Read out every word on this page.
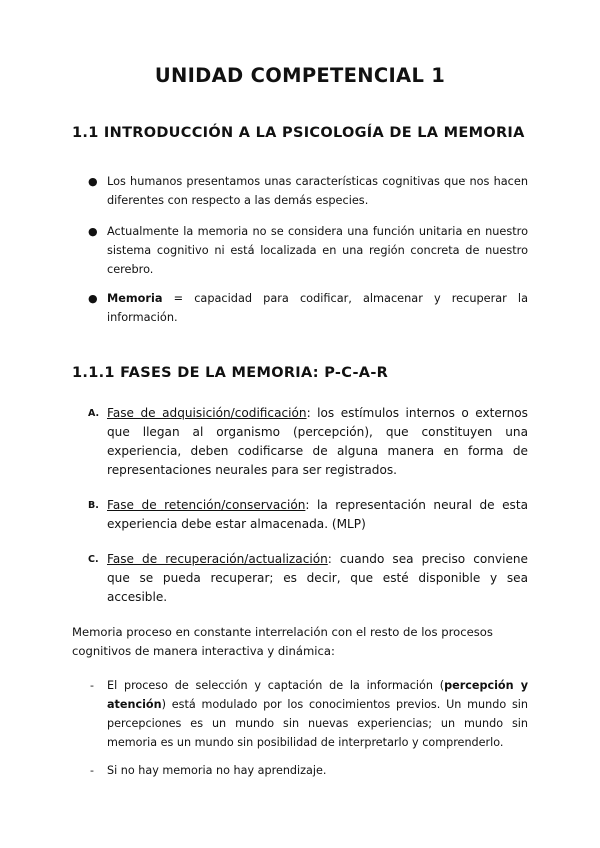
UNIDAD COMPETENCIAL 1
1.1 INTRODUCCIÓN A LA PSICOLOGÍA DE LA MEMORIA
● Los humanos presentamos unas características cognitivas que nos hacen diferentes con respecto a las demás especies.

● Actualmente la memoria no se considera una función unitaria en nuestro sistema cognitivo ni está localizada en una región concreta de nuestro cerebro.

● Memoria = capacidad para codificar, almacenar y recuperar la información.

1.1.1 FASES DE LA MEMORIA: P-C-A-R
A. Fase de adquisición/codificación: los estímulos internos o externos que llegan al organismo (percepción), que constituyen una experiencia, deben codificarse de alguna manera en forma de representaciones neurales para ser registrados.

B. Fase de retención/conservación: la representación neural de esta experiencia debe estar almacenada. (MLP)

C. Fase de recuperación/actualización: cuando sea preciso conviene que se pueda recuperar; es decir, que esté disponible y sea accesible.

Memoria proceso en constante interrelación con el resto de los procesos cognitivos de manera interactiva y dinámica:

- El proceso de selección y captación de la información (percepción y atención) está modulado por los conocimientos previos. Un mundo sin percepciones es un mundo sin nuevas experiencias; un mundo sin memoria es un mundo sin posibilidad de interpretarlo y comprenderlo.

- Si no hay memoria no hay aprendizaje.
